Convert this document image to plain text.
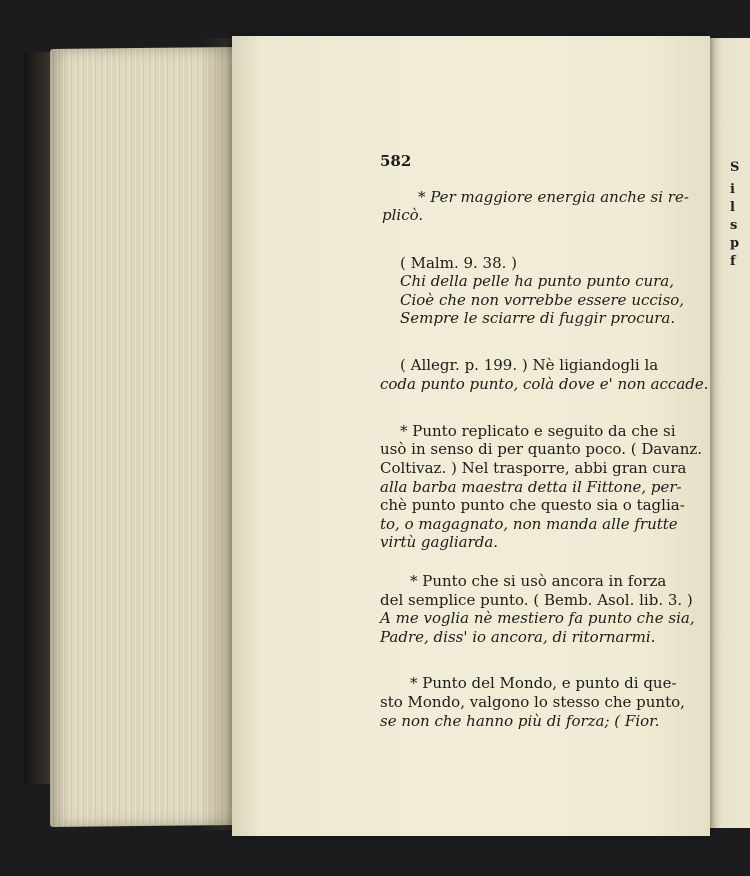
582
* Per maggiore energia anche si re-
plicò.
( Malm. 9. 38. )
Chi della pelle ha punto punto cura,
Cioè che non vorrebbe essere ucciso,
Sempre le sciarre di fuggir procura.
( Allegr. p. 199. ) Nè ligiandogli la
coda punto punto, colà dove e' non accade.
* Punto replicato e seguito da che si
usò in senso di per quanto poco. ( Davanz.
Coltivaz. ) Nel trasporre, abbi gran cura
alla barba maestra detta il Fittone, per-
chè punto punto che questo sia o taglia-
to, o magagnato, non manda alle frutte
virtù gagliarda.
* Punto che si usò ancora in forza
del semplice punto. ( Bemb. Asol. lib. 3. )
A me voglia nè mestiero fa punto che sia,
Padre, diss' io ancora, di ritornarmi.
* Punto del Mondo, e punto di que-
sto Mondo, valgono lo stesso che punto,
se non che hanno più di forza; ( Fior.
S
i
l
s
p
f
